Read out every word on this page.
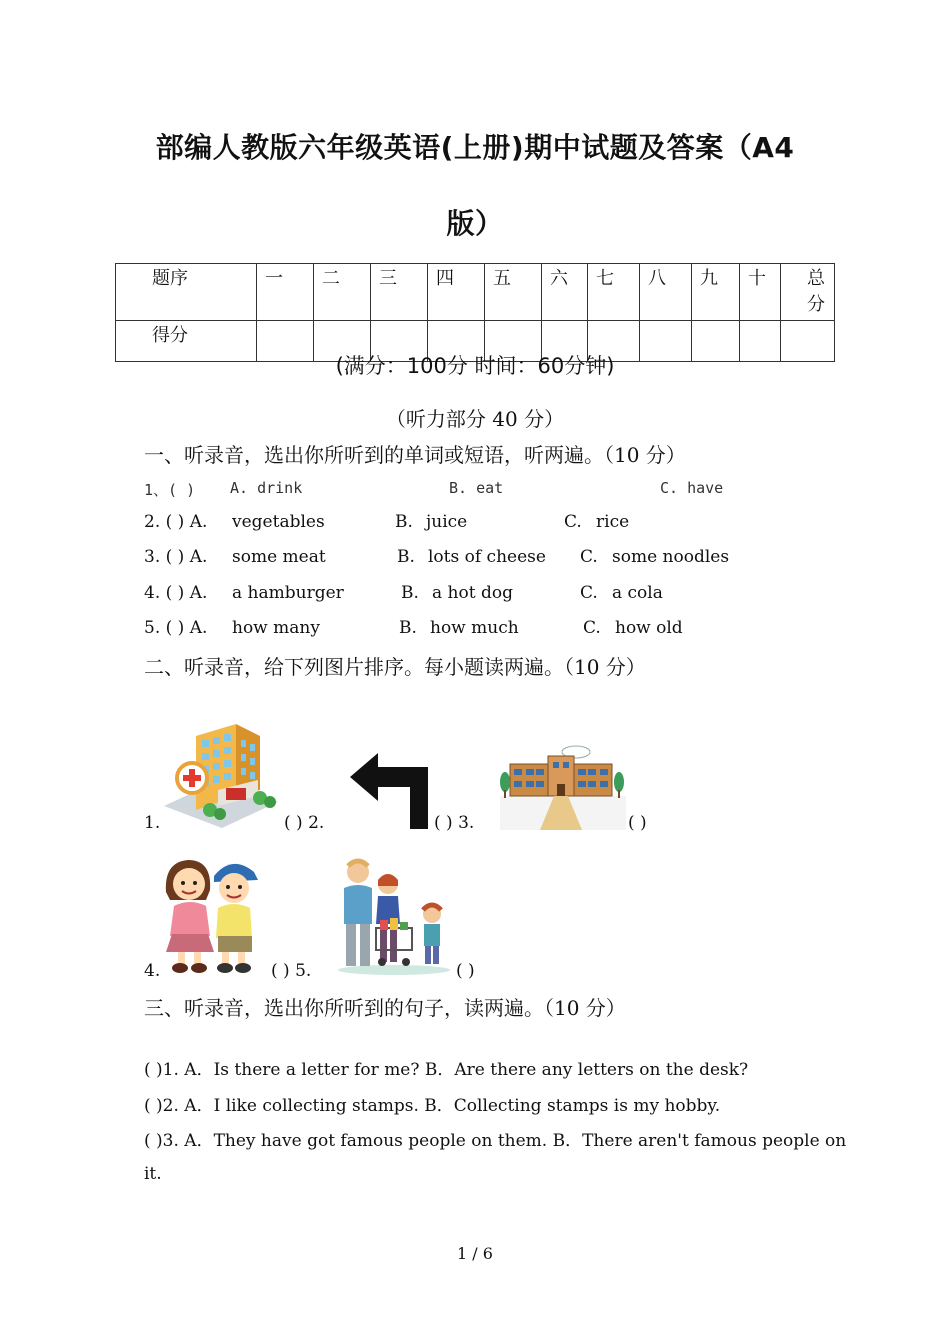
部编人教版六年级英语(上册)期中试题及答案（A4
版）
题序	一	二	三	四	五	六	七	八	九	十	总分
得分											
(满分：100分 时间：60分钟)
（听力部分 40 分）
一、听录音，选出你所听到的单词或短语，听两遍。（10 分）
1、( ) A. drink	B. eat	C. have
2. ( ) A. vegetables	B. juice	C. rice
3. ( ) A. some meat	B. lots of cheese C. some noodles
4. ( ) A. a hamburger	B. a hot dog	C. a cola
5. ( ) A. how many	B. how much	C. how old
二、听录音，给下列图片排序。每小题读两遍。（10 分）
1.	( ) 2.	( ) 3.	( )
4.	( ) 5.	( )
三、听录音，选出你所听到的句子，读两遍。（10 分）
( )1. A．Is there a letter for me? B．Are there any letters on the desk?
( )2. A．I like collecting stamps. B．Collecting stamps is my hobby.
( )3. A．They have got famous people on them. B．There aren't famous people on
it.
1 / 6
